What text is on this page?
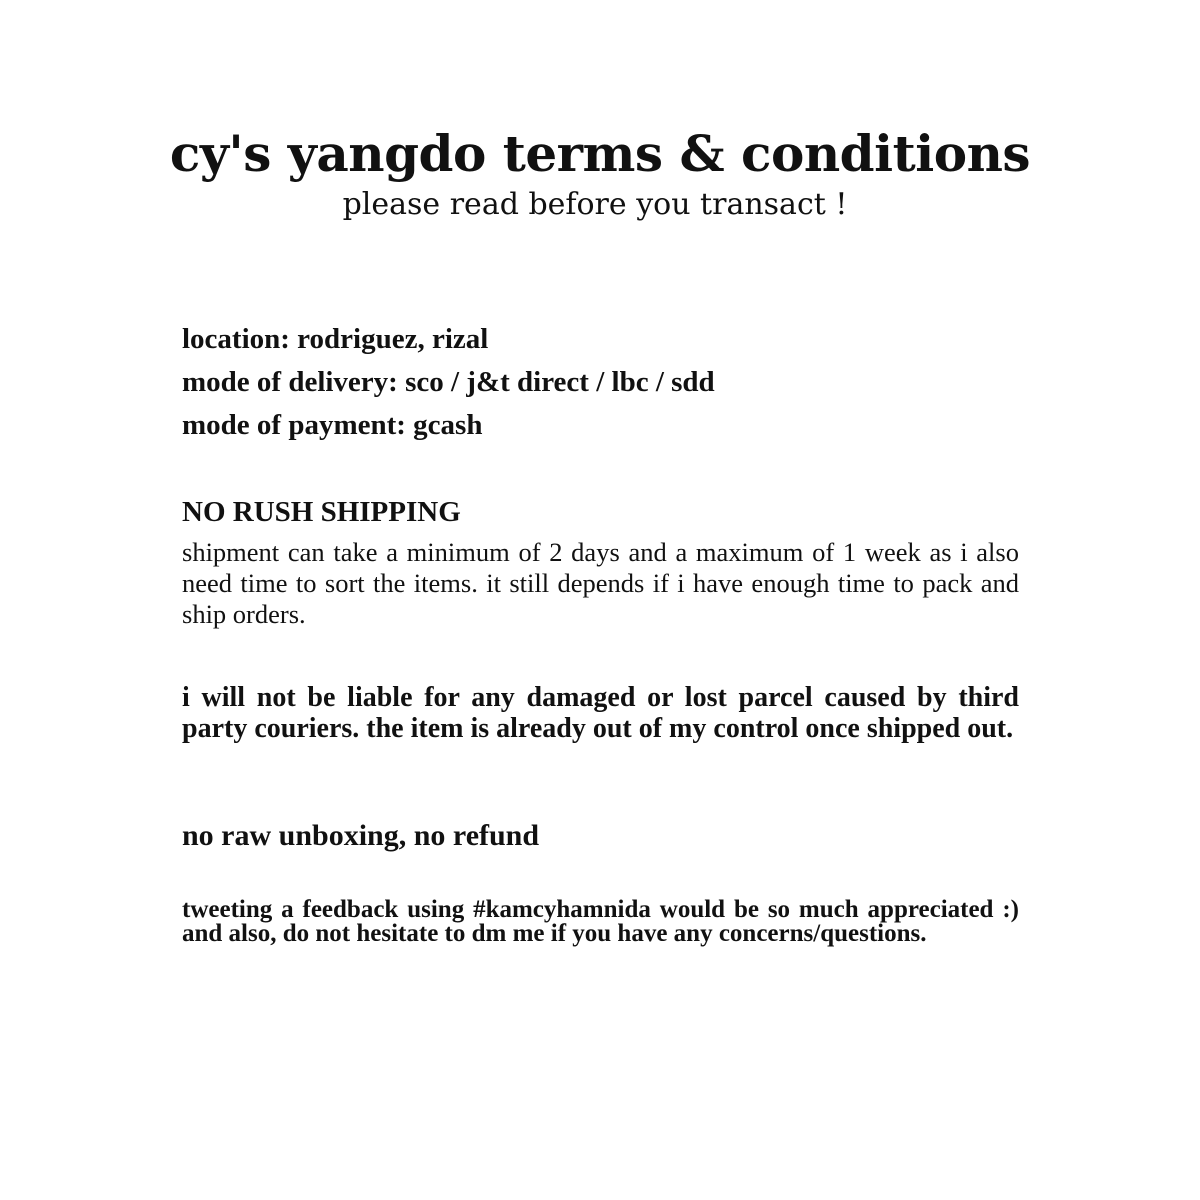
cy's yangdo terms & conditions
please read before you transact !
location: rodriguez, rizal
mode of delivery: sco / j&t direct / lbc / sdd
mode of payment: gcash
NO RUSH SHIPPING

shipment can take a minimum of 2 days and a maximum of 1 week as i also need time to sort the items. it still depends if i have enough time to pack and ship orders.

i will not be liable for any damaged or lost parcel caused by third party couriers. the item is already out of my control once shipped out.

no raw unboxing, no refund

tweeting a feedback using #kamcyhamnida would be so much appreciated :) and also, do not hesitate to dm me if you have any concerns/questions.
